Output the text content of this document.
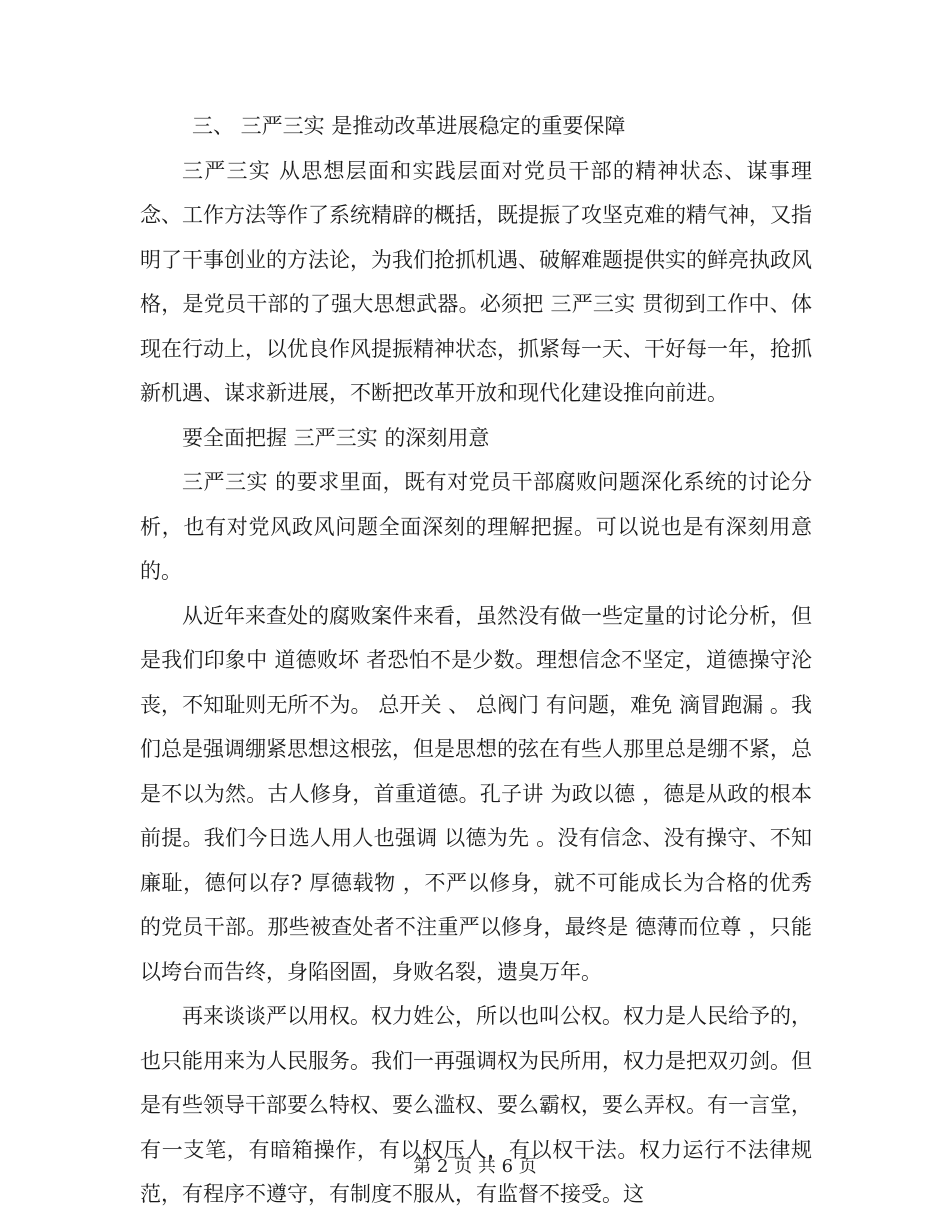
三、 三严三实 是推动改革进展稳定的重要保障

三严三实 从思想层面和实践层面对党员干部的精神状态、谋事理念、工作方法等作了系统精辟的概括，既提振了攻坚克难的精气神，又指明了干事创业的方法论，为我们抢抓机遇、破解难题提供实的鲜亮执政风格，是党员干部的了强大思想武器。必须把 三严三实 贯彻到工作中、体现在行动上，以优良作风提振精神状态，抓紧每一天、干好每一年，抢抓新机遇、谋求新进展，不断把改革开放和现代化建设推向前进。

要全面把握 三严三实 的深刻用意

三严三实 的要求里面，既有对党员干部腐败问题深化系统的讨论分析，也有对党风政风问题全面深刻的理解把握。可以说也是有深刻用意的。

从近年来查处的腐败案件来看，虽然没有做一些定量的讨论分析，但是我们印象中 道德败坏 者恐怕不是少数。理想信念不坚定，道德操守沦丧，不知耻则无所不为。 总开关 、 总阀门 有问题，难免 滴冒跑漏 。我们总是强调绷紧思想这根弦，但是思想的弦在有些人那里总是绷不紧，总是不以为然。古人修身，首重道德。孔子讲 为政以德 ，德是从政的根本前提。我们今日选人用人也强调 以德为先 。没有信念、没有操守、不知廉耻，德何以存? 厚德载物 ，不严以修身，就不可能成长为合格的优秀的党员干部。那些被查处者不注重严以修身，最终是 德薄而位尊 ，只能以垮台而告终，身陷囹圄，身败名裂，遗臭万年。

再来谈谈严以用权。权力姓公，所以也叫公权。权力是人民给予的，也只能用来为人民服务。我们一再强调权为民所用，权力是把双刃剑。但是有些领导干部要么特权、要么滥权、要么霸权，要么弄权。有一言堂，有一支笔，有暗箱操作，有以权压人，有以权干法。权力运行不法律规范，有程序不遵守，有制度不服从，有监督不接受。这

第 2 页 共 6 页
